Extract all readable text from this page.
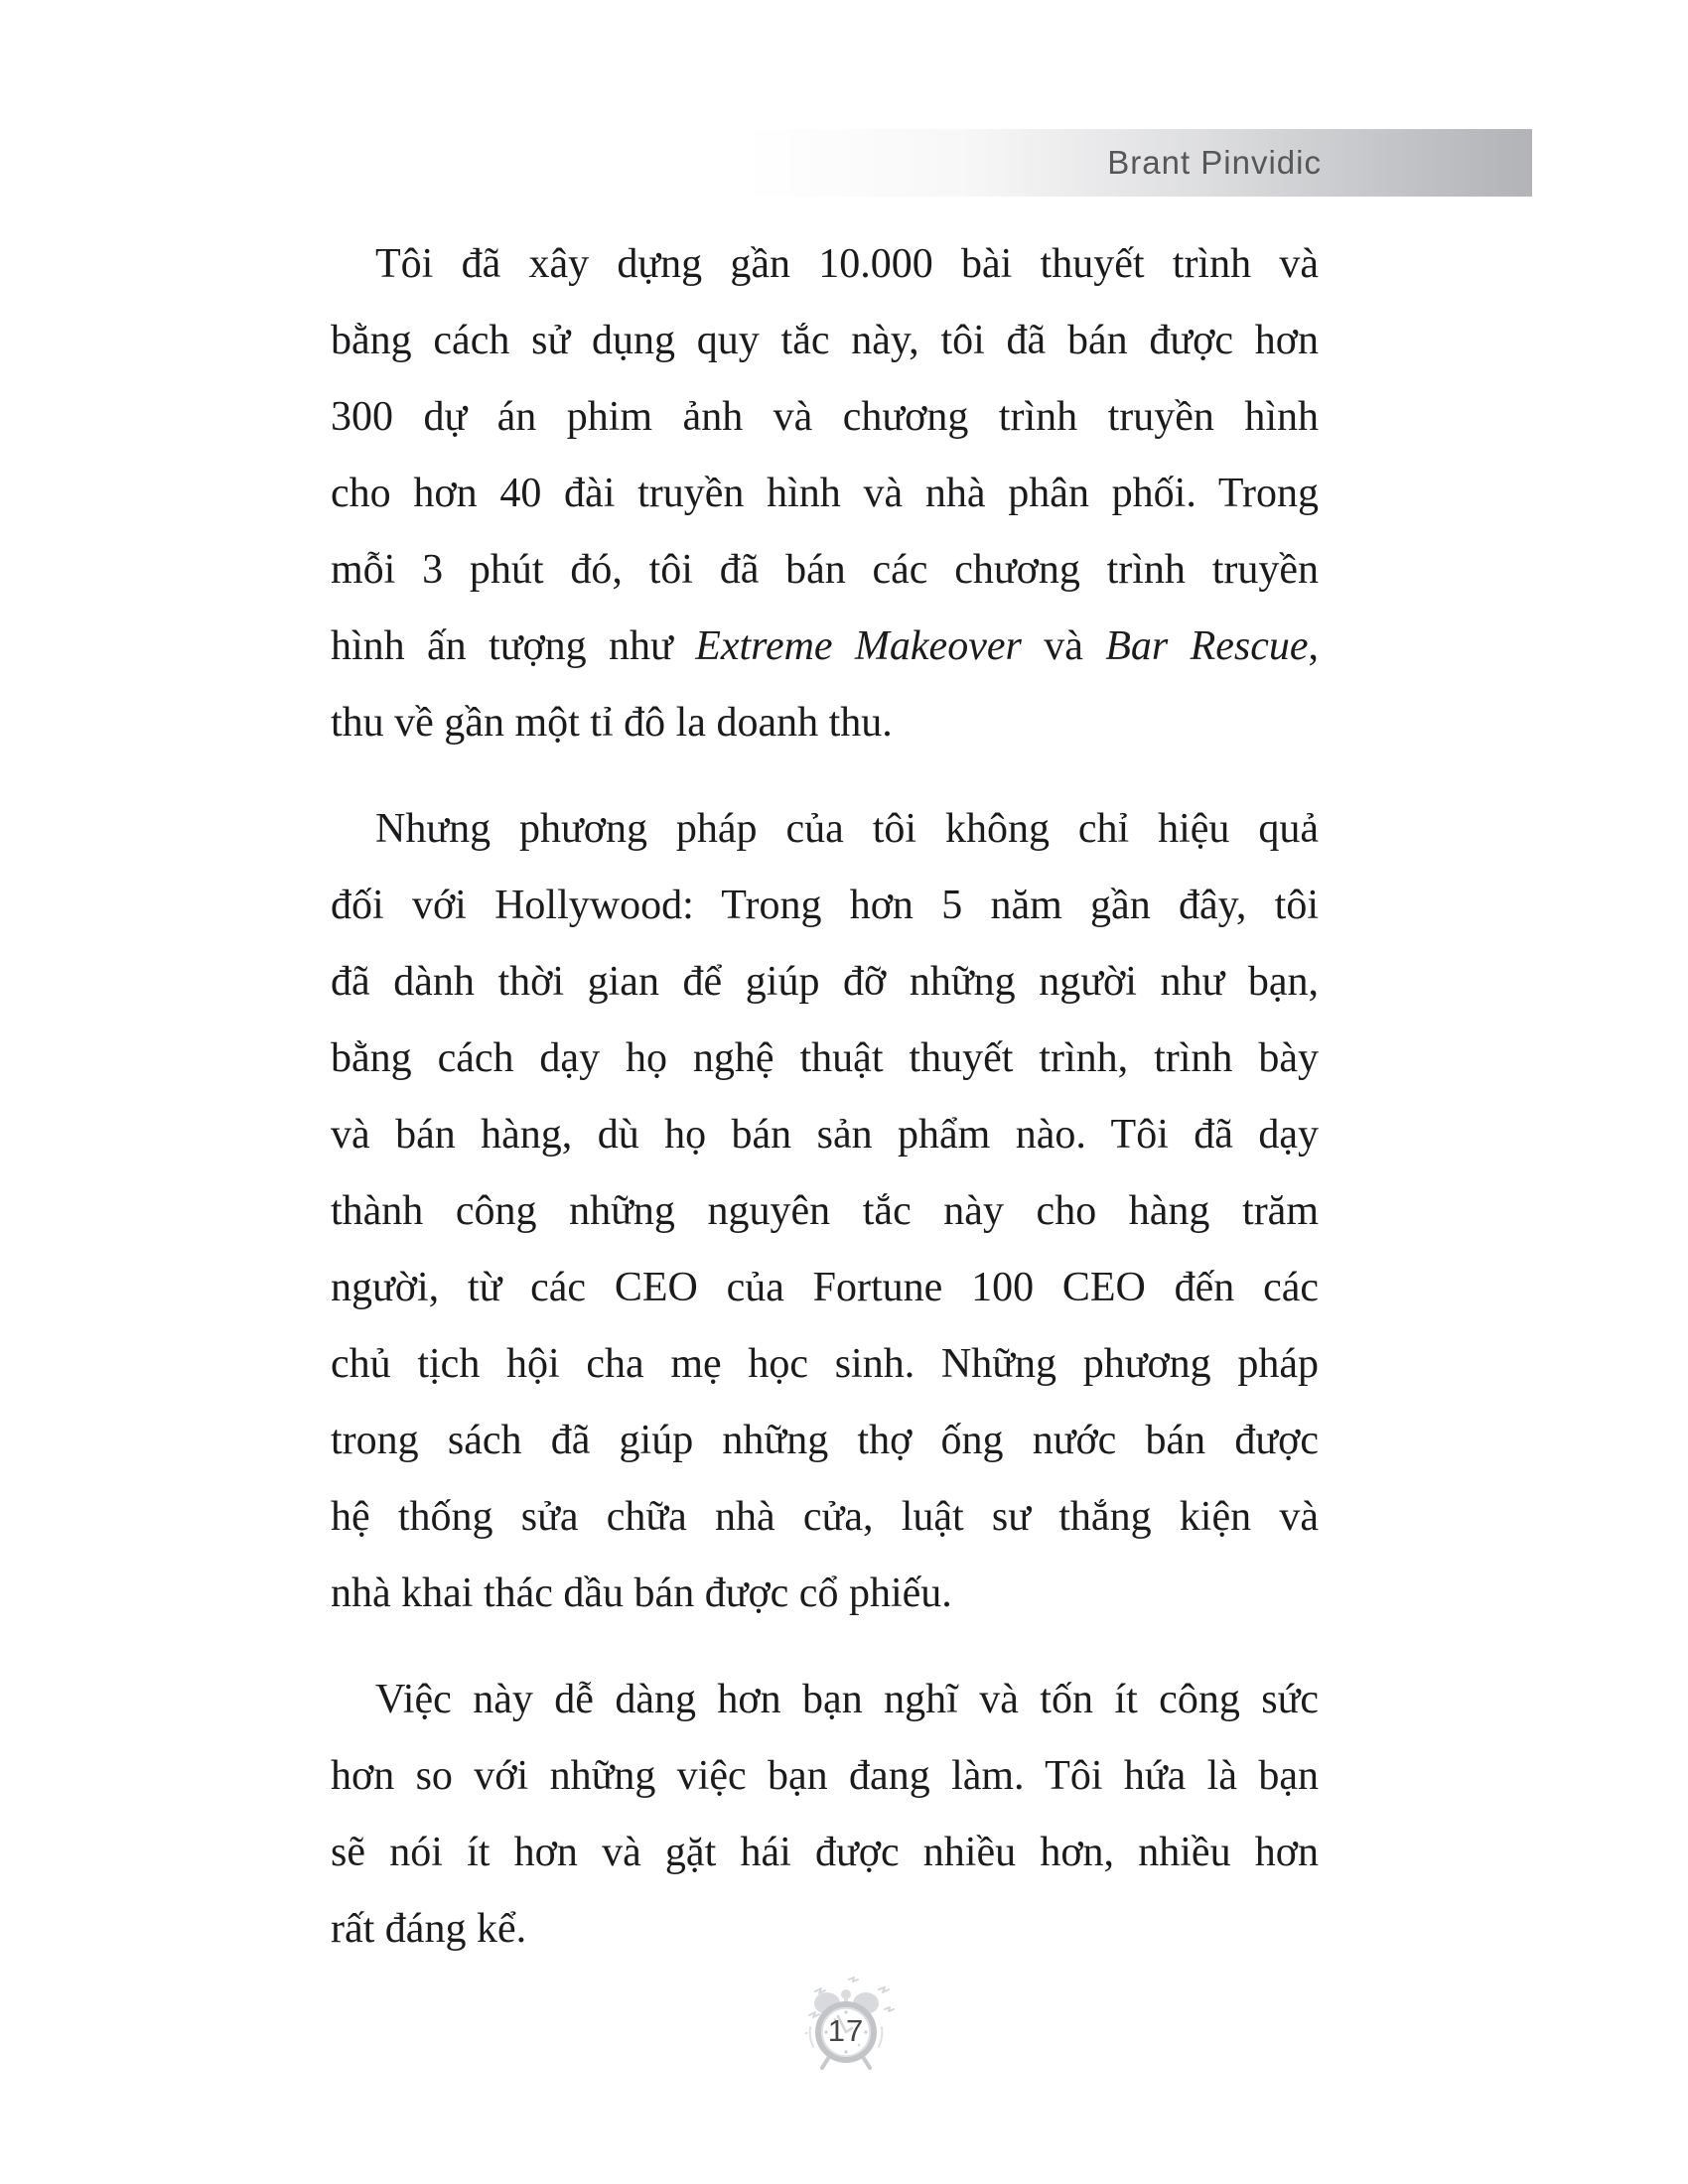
Brant Pinvidic
Tôi đã xây dựng gần 10.000 bài thuyết trình và
bằng cách sử dụng quy tắc này, tôi đã bán được hơn
300 dự án phim ảnh và chương trình truyền hình
cho hơn 40 đài truyền hình và nhà phân phối. Trong
mỗi 3 phút đó, tôi đã bán các chương trình truyền
hình ấn tượng như Extreme Makeover và Bar Rescue,
thu về gần một tỉ đô la doanh thu.
Nhưng phương pháp của tôi không chỉ hiệu quả
đối với Hollywood: Trong hơn 5 năm gần đây, tôi
đã dành thời gian để giúp đỡ những người như bạn,
bằng cách dạy họ nghệ thuật thuyết trình, trình bày
và bán hàng, dù họ bán sản phẩm nào. Tôi đã dạy
thành công những nguyên tắc này cho hàng trăm
người, từ các CEO của Fortune 100 CEO đến các
chủ tịch hội cha mẹ học sinh. Những phương pháp
trong sách đã giúp những thợ ống nước bán được
hệ thống sửa chữa nhà cửa, luật sư thắng kiện và
nhà khai thác dầu bán được cổ phiếu.
Việc này dễ dàng hơn bạn nghĩ và tốn ít công sức
hơn so với những việc bạn đang làm. Tôi hứa là bạn
sẽ nói ít hơn và gặt hái được nhiều hơn, nhiều hơn
rất đáng kể.
17
